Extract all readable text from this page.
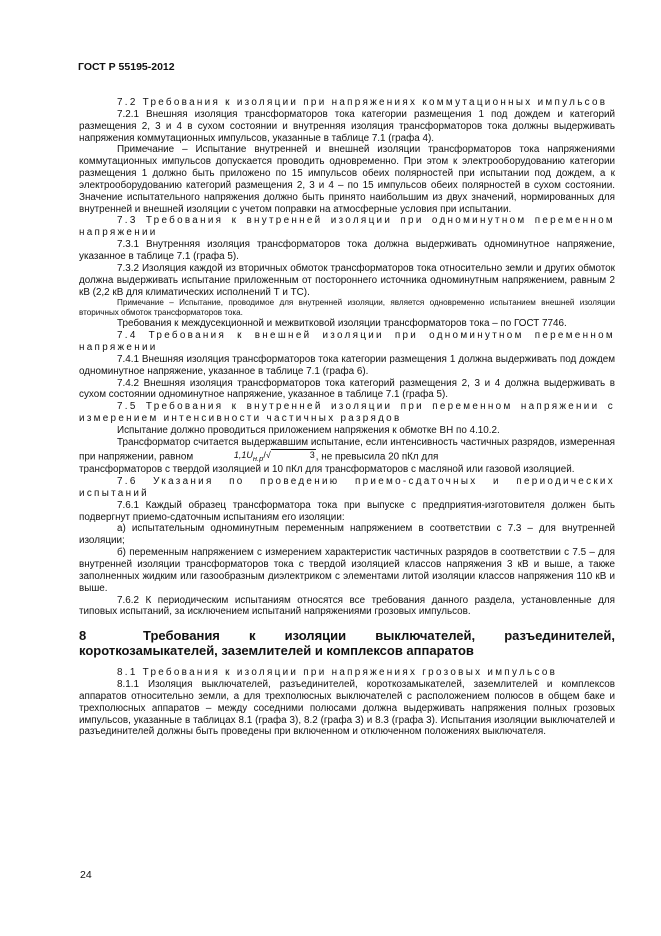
ГОСТ Р 55195-2012

7.2 Требования к изоляции при напряжениях коммутационных импульсов

7.2.1 Внешняя изоляция трансформаторов тока категории размещения 1 под дождем и категорий размещения 2, 3 и 4 в сухом состоянии и внутренняя изоляция трансформаторов тока должны выдерживать напряжения коммутационных импульсов, указанные в таблице 7.1 (графа 4).

Примечание – Испытание внутренней и внешней изоляции трансформаторов тока напряжениями коммутационных импульсов допускается проводить одновременно. При этом к электрооборудованию категории размещения 1 должно быть приложено по 15 импульсов обеих полярностей при испытании под дождем, а к электрооборудованию категорий размещения 2, 3 и 4 – по 15 импульсов обеих полярностей в сухом состоянии. Значение испытательного напряжения должно быть принято наибольшим из двух значений, нормированных для внутренней и внешней изоляции с учетом поправки на атмосферные условия при испытании.

7.3 Требования к внутренней изоляции при одноминутном переменном напряжении

7.3.1 Внутренняя изоляция трансформаторов тока должна выдерживать одноминутное напряжение, указанное в таблице 7.1 (графа 5).

7.3.2 Изоляция каждой из вторичных обмоток трансформаторов тока относительно земли и других обмоток должна выдерживать испытание приложенным от постороннего источника одноминутным напряжением, равным 2 кВ (2,2 кВ для климатических исполнений Т и ТС).

Примечание – Испытание, проводимое для внутренней изоляции, является одновременно испытанием внешней изоляции вторичных обмоток трансформаторов тока.

Требования к междусекционной и межвитковой изоляции трансформаторов тока – по ГОСТ 7746.

7.4 Требования к внешней изоляции при одноминутном переменном напряжении

7.4.1 Внешняя изоляция трансформаторов тока категории размещения 1 должна выдерживать под дождем одноминутное напряжение, указанное в таблице 7.1 (графа 6).

7.4.2 Внешняя изоляция трансформаторов тока категорий размещения 2, 3 и 4 должна выдерживать в сухом состоянии одноминутное напряжение, указанное в таблице 7.1 (графа 5).

7.5 Требования к внутренней изоляции при переменном напряжении с измерением интенсивности частичных разрядов

Испытание должно проводиться приложением напряжения к обмотке ВН по 4.10.2.

Трансформатор считается выдержавшим испытание, если интенсивность частичных разрядов, измеренная при напряжении, равном	$1,1U_{н.р}/√$	3, не превысила 20 пКл для

трансформаторов с твердой изоляцией и 10 пКл для трансформаторов с масляной или газовой изоляцией.

7.6 Указания по проведению приемо-сдаточных и периодических испытаний

7.6.1 Каждый образец трансформатора тока при выпуске с предприятия-изготовителя должен быть подвергнут приемо-сдаточным испытаниям его изоляции:

а) испытательным одноминутным переменным напряжением в соответствии с 7.3 – для внутренней изоляции;

б) переменным напряжением с измерением характеристик частичных разрядов в соответствии с 7.5 – для внутренней изоляции трансформаторов тока с твердой изоляцией классов напряжения 3 кВ и выше, а также заполненных жидким или газообразным диэлектриком с элементами литой изоляции классов напряжения 110 кВ и выше.

7.6.2 К периодическим испытаниям относятся все требования данного раздела, установленные для типовых испытаний, за исключением испытаний напряжениями грозовых импульсов.

8	Требования к изоляции выключателей, разъединителей, короткозамыкателей, заземлителей и комплексов аппаратов

8.1 Требования к изоляции при напряжениях грозовых импульсов

8.1.1 Изоляция выключателей, разъединителей, короткозамыкателей, заземлителей и комплексов аппаратов относительно земли, а для трехполюсных выключателей с расположением полюсов в общем баке и трехполюсных аппаратов – между соседними полюсами должна выдерживать напряжения полных грозовых импульсов, указанные в таблицах 8.1 (графа 3), 8.2 (графа 3) и 8.3 (графа 3). Испытания изоляции выключателей и разъединителей должны быть проведены при включенном и отключенном положениях выключателя.

24
